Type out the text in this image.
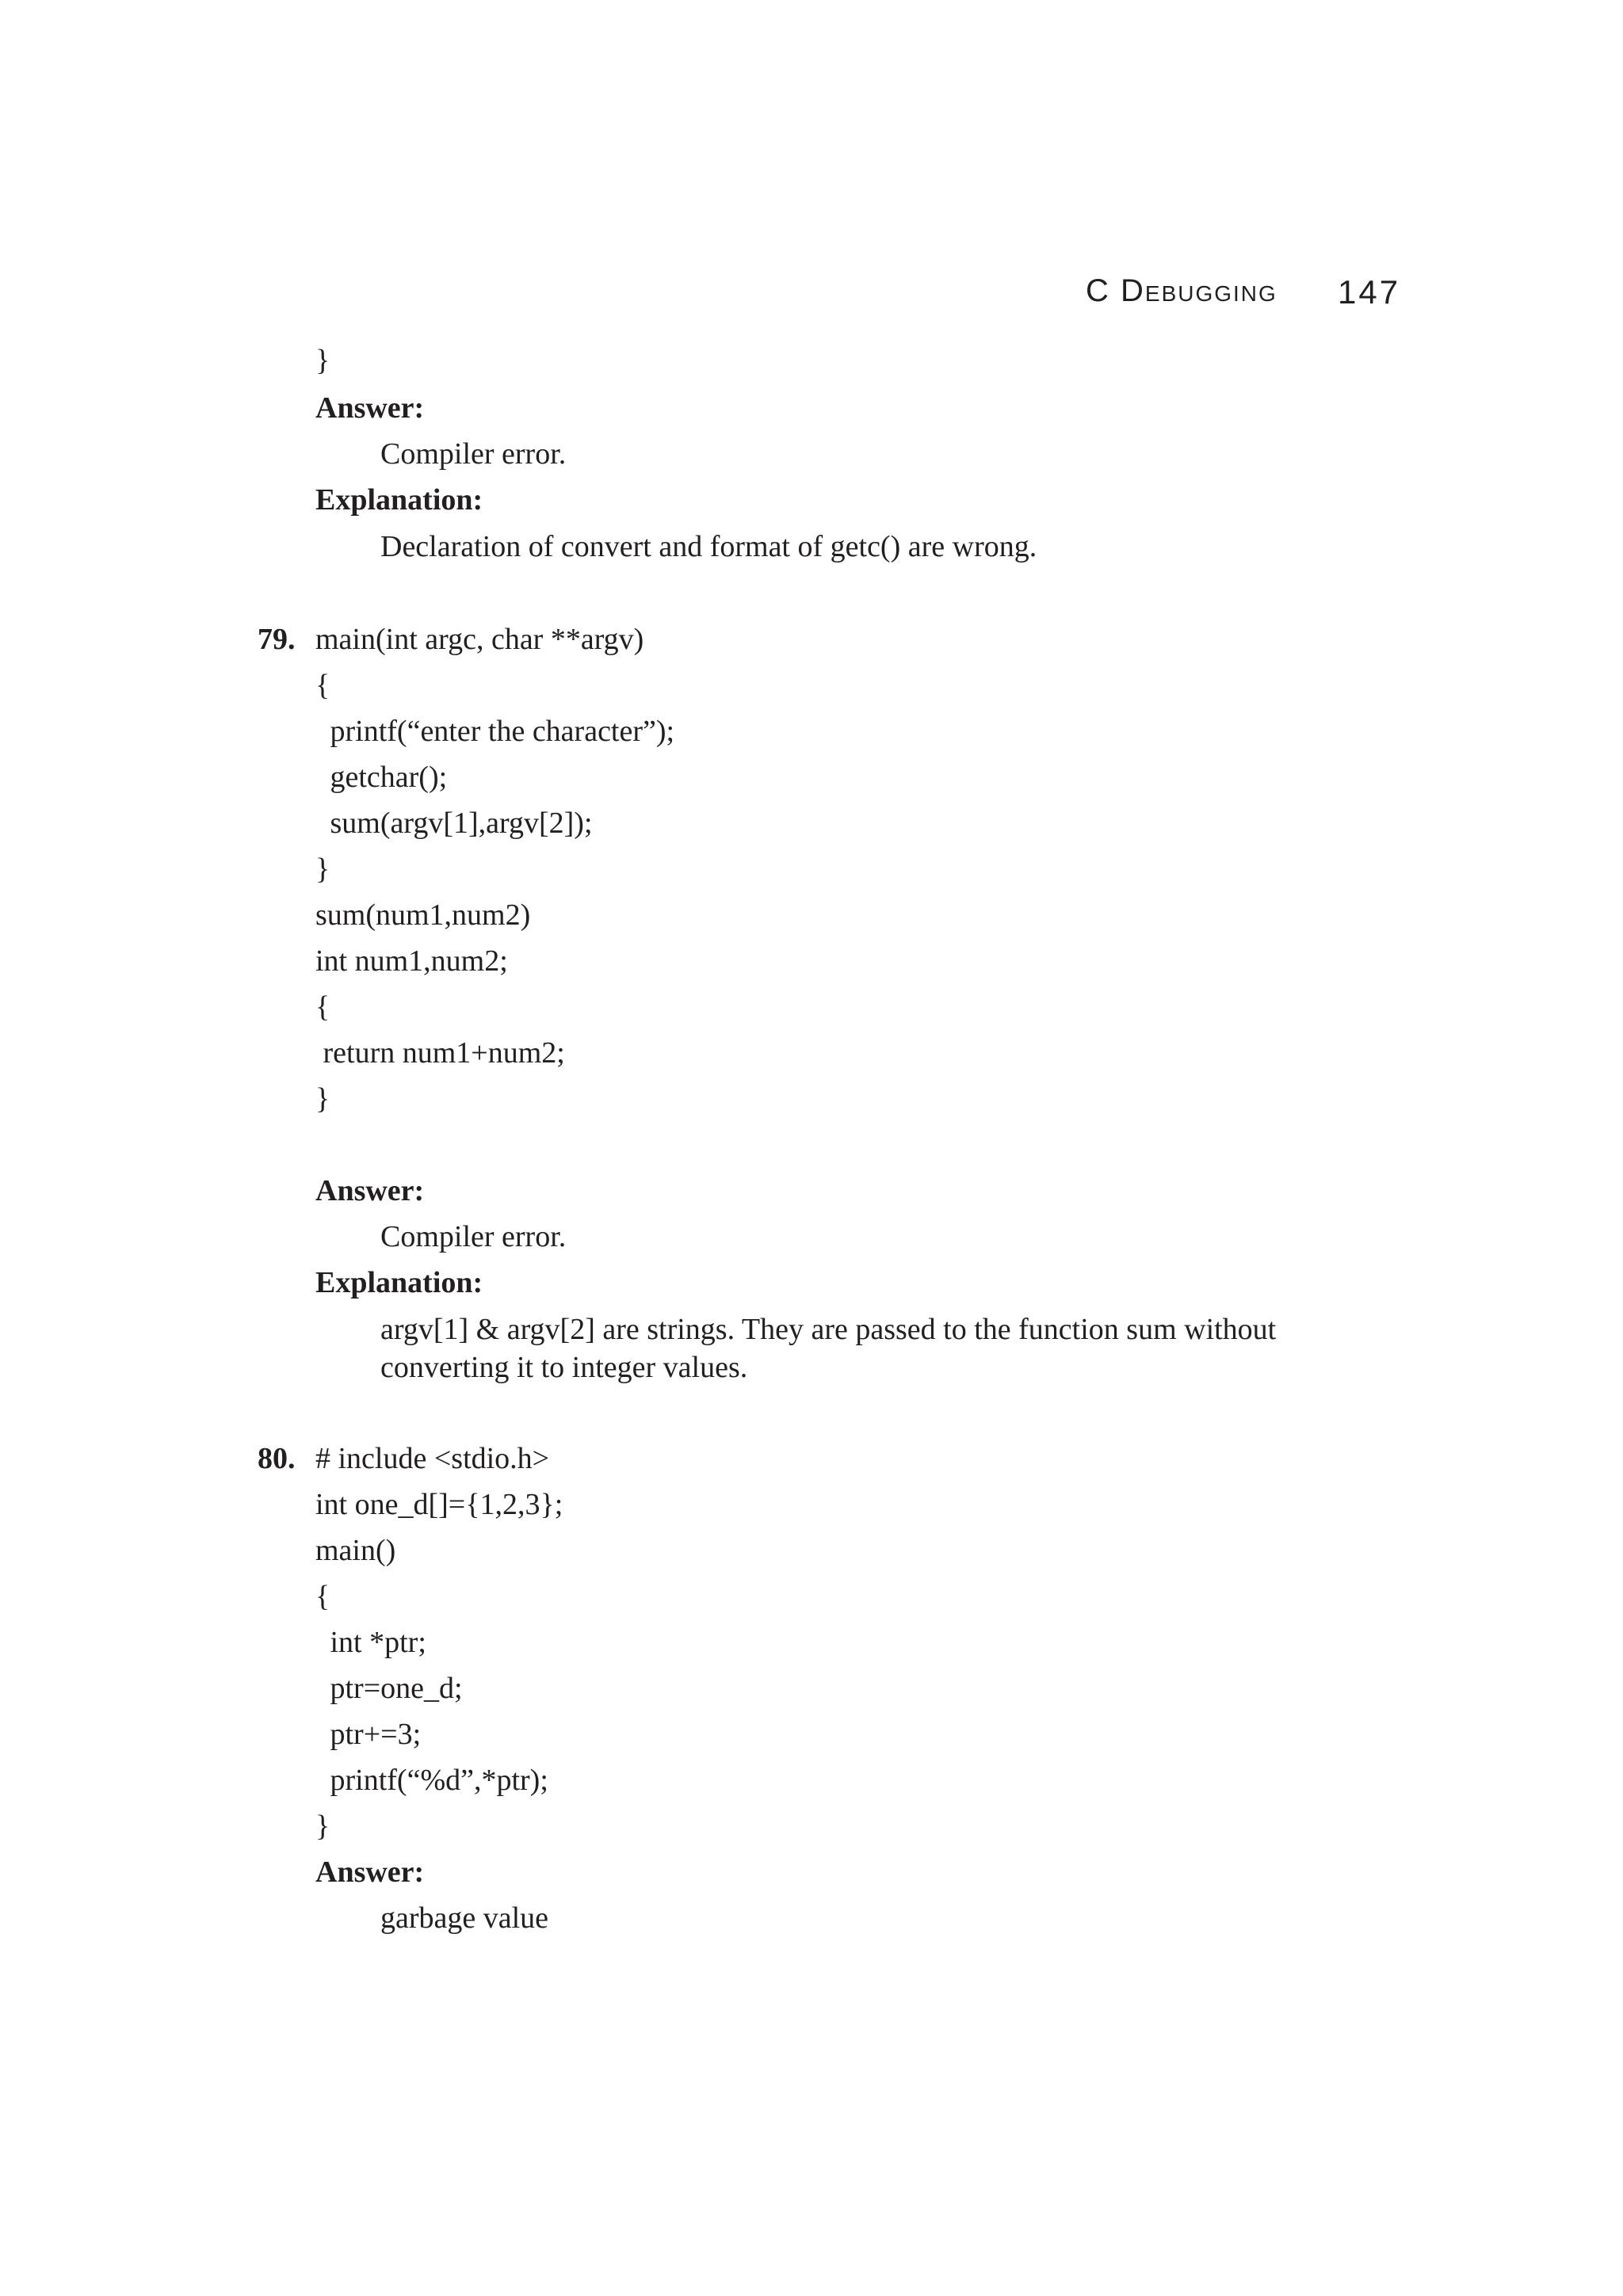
C Debugging 147
}
Answer:
Compiler error.
Explanation:
Declaration of convert and format of getc() are wrong.
79. main(int argc, char **argv)
{
printf(“enter the character”);
getchar();
sum(argv[1],argv[2]);
}
sum(num1,num2)
int num1,num2;
{
return num1+num2;
}
Answer:
Compiler error.
Explanation:
argv[1] & argv[2] are strings. They are passed to the function sum without converting it to integer values.
80. # include <stdio.h>
int one_d[]={1,2,3};
main()
{
int *ptr;
ptr=one_d;
ptr+=3;
printf(“%d”,*ptr);
}
Answer:
garbage value
